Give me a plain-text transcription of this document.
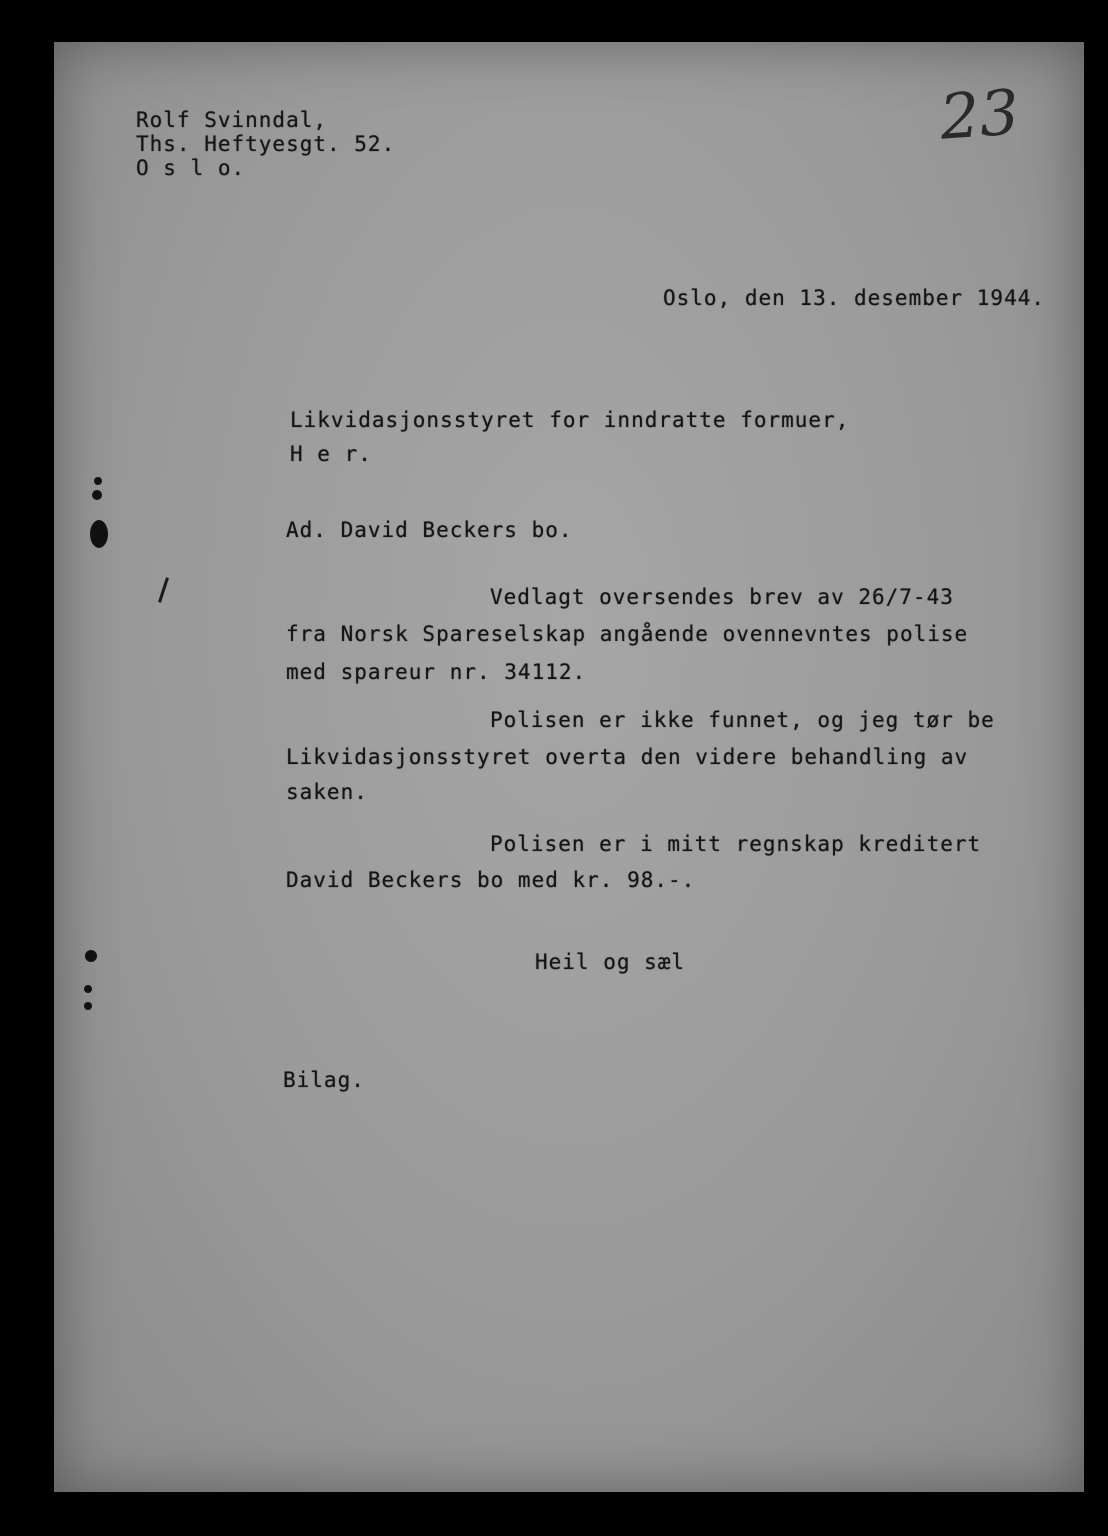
23
Rolf Svinndal,
Ths. Heftyesgt. 52.
O s l o.
Oslo, den 13. desember 1944.
Likvidasjonsstyret for inndratte formuer,
H e r.
Ad. David Beckers bo.
Vedlagt oversendes brev av 26/7-43
fra Norsk Spareselskap angående ovennevntes polise
med spareur nr. 34112.
Polisen er ikke funnet, og jeg tør be
Likvidasjonsstyret overta den videre behandling av
saken.
Polisen er i mitt regnskap kreditert
David Beckers bo med kr. 98.-.
Heil og sæl
Bilag.
